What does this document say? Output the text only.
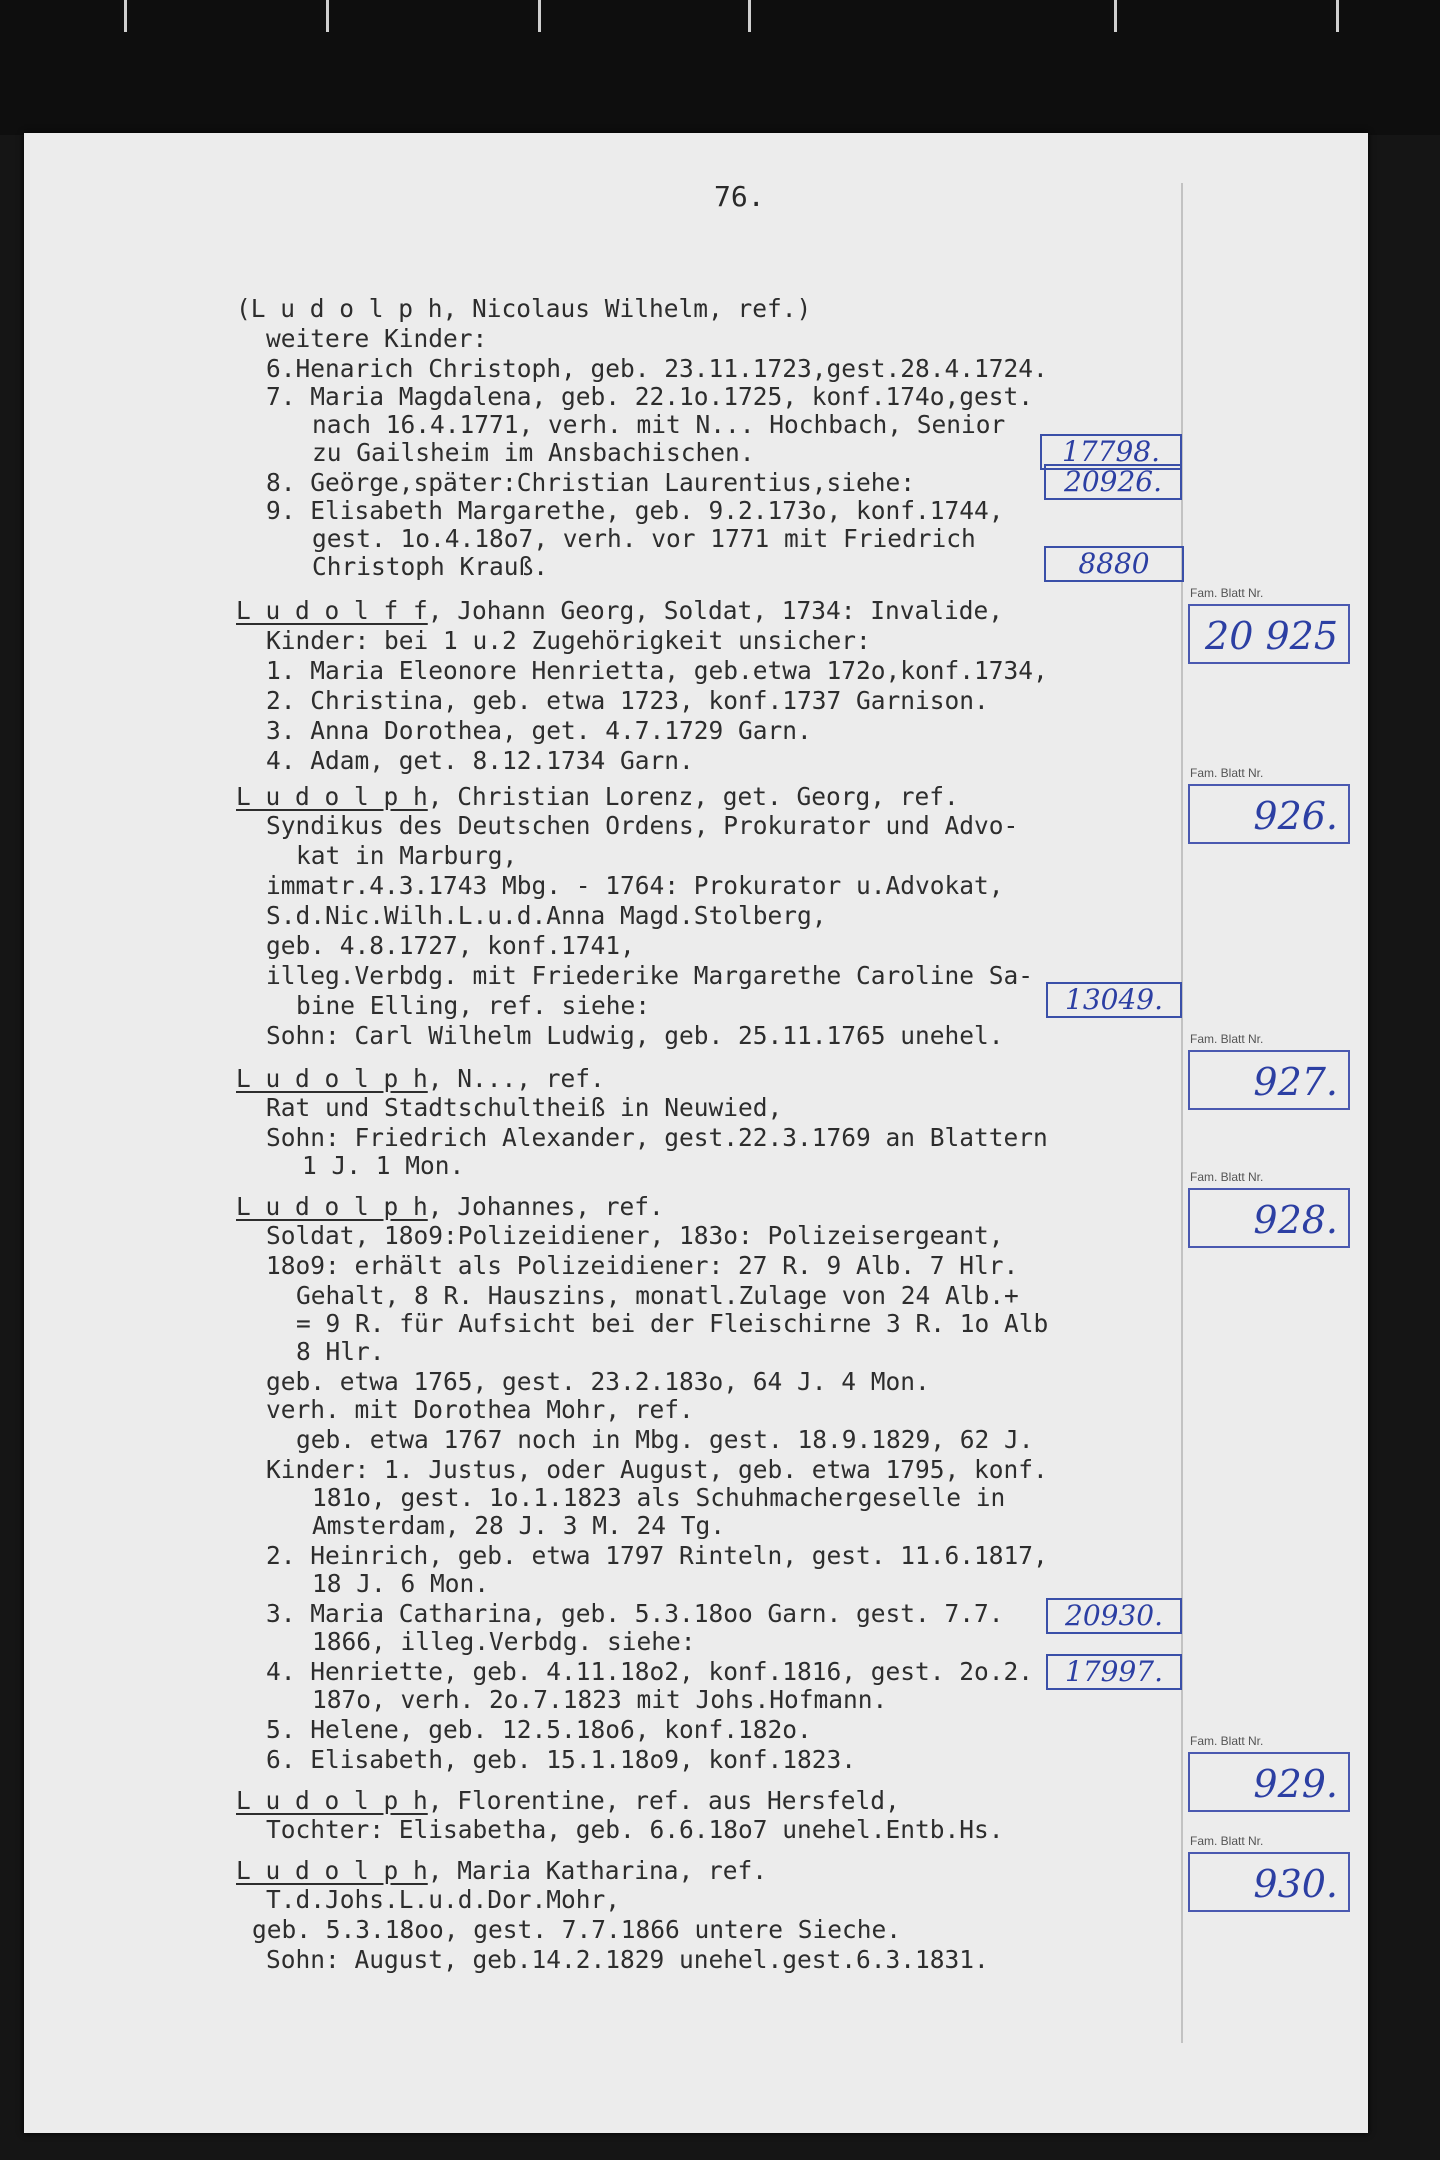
76.
(L u d o l p h, Nicolaus Wilhelm, ref.)
weitere Kinder:
6.Henarich Christoph, geb. 23.11.1723,gest.28.4.1724.
7. Maria Magdalena, geb. 22.1o.1725, konf.174o,gest.
nach 16.4.1771, verh. mit N... Hochbach, Senior
zu Gailsheim im Ansbachischen.
8. Geörge,später:Christian Laurentius,siehe:
9. Elisabeth Margarethe, geb. 9.2.173o, konf.1744,
gest. 1o.4.18o7, verh. vor 1771 mit Friedrich
Christoph Krauß.
L u d o l f f, Johann Georg, Soldat, 1734: Invalide,
Kinder: bei 1 u.2 Zugehörigkeit unsicher:
1. Maria Eleonore Henrietta, geb.etwa 172o,konf.1734,
2. Christina, geb. etwa 1723, konf.1737 Garnison.
3. Anna Dorothea, get. 4.7.1729 Garn.
4. Adam, get. 8.12.1734 Garn.
L u d o l p h, Christian Lorenz, get. Georg, ref.
Syndikus des Deutschen Ordens, Prokurator und Advo-
kat in Marburg,
immatr.4.3.1743 Mbg. - 1764: Prokurator u.Advokat,
S.d.Nic.Wilh.L.u.d.Anna Magd.Stolberg,
geb. 4.8.1727, konf.1741,
illeg.Verbdg. mit Friederike Margarethe Caroline Sa-
bine Elling, ref. siehe:
Sohn: Carl Wilhelm Ludwig, geb. 25.11.1765 unehel.
L u d o l p h, N..., ref.
Rat und Stadtschultheiß in Neuwied,
Sohn: Friedrich Alexander, gest.22.3.1769 an Blattern
1 J. 1 Mon.
L u d o l p h, Johannes, ref.
Soldat, 18o9:Polizeidiener, 183o: Polizeisergeant,
18o9: erhält als Polizeidiener: 27 R. 9 Alb. 7 Hlr.
Gehalt, 8 R. Hauszins, monatl.Zulage von 24 Alb.+
= 9 R. für Aufsicht bei der Fleischirne 3 R. 1o Alb
8 Hlr.
geb. etwa 1765, gest. 23.2.183o, 64 J. 4 Mon.
verh. mit Dorothea Mohr, ref.
geb. etwa 1767 noch in Mbg. gest. 18.9.1829, 62 J.
Kinder: 1. Justus, oder August, geb. etwa 1795, konf.
181o, gest. 1o.1.1823 als Schuhmachergeselle in
Amsterdam, 28 J. 3 M. 24 Tg.
2. Heinrich, geb. etwa 1797 Rinteln, gest. 11.6.1817,
18 J. 6 Mon.
3. Maria Catharina, geb. 5.3.18oo Garn. gest. 7.7.
1866, illeg.Verbdg. siehe:
4. Henriette, geb. 4.11.18o2, konf.1816, gest. 2o.2.
187o, verh. 2o.7.1823 mit Johs.Hofmann.
5. Helene, geb. 12.5.18o6, konf.182o.
6. Elisabeth, geb. 15.1.18o9, konf.1823.
L u d o l p h, Florentine, ref. aus Hersfeld,
Tochter: Elisabetha, geb. 6.6.18o7 unehel.Entb.Hs.
L u d o l p h, Maria Katharina, ref.
T.d.Johs.L.u.d.Dor.Mohr,
geb. 5.3.18oo, gest. 7.7.1866 untere Sieche.
Sohn: August, geb.14.2.1829 unehel.gest.6.3.1831.
17798.
20926.
8880
13049.
20930.
17997.
Fam. Blatt Nr.
20 925
Fam. Blatt Nr.
926.
Fam. Blatt Nr.
927.
Fam. Blatt Nr.
928.
Fam. Blatt Nr.
929.
Fam. Blatt Nr.
930.
